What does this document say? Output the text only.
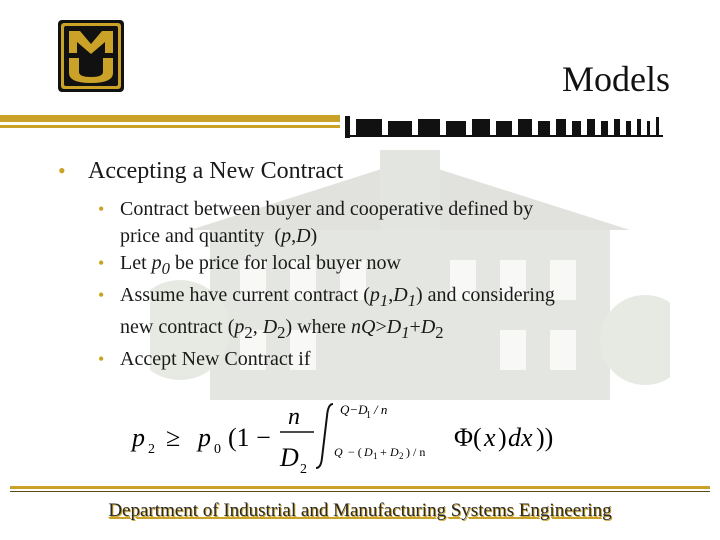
Models
• Accepting a New Contract
• Contract between buyer and cooperative defined by
price and quantity  (p,D)
• Let $p_0$ be price for local buyer now
• Assume have current contract $(p_1,D_1)$ and considering
new contract ($p_2$, $D_2$) where $nQ>D_1+D_2$
• Accept New Contract if
p 2 ≥ p 0 (1 −
n
D 2
Q−D
1 / n
Q − ( D 1 + D 2 ) / n Φ( x ) dx ))
Department of Industrial and Manufacturing Systems Engineering
